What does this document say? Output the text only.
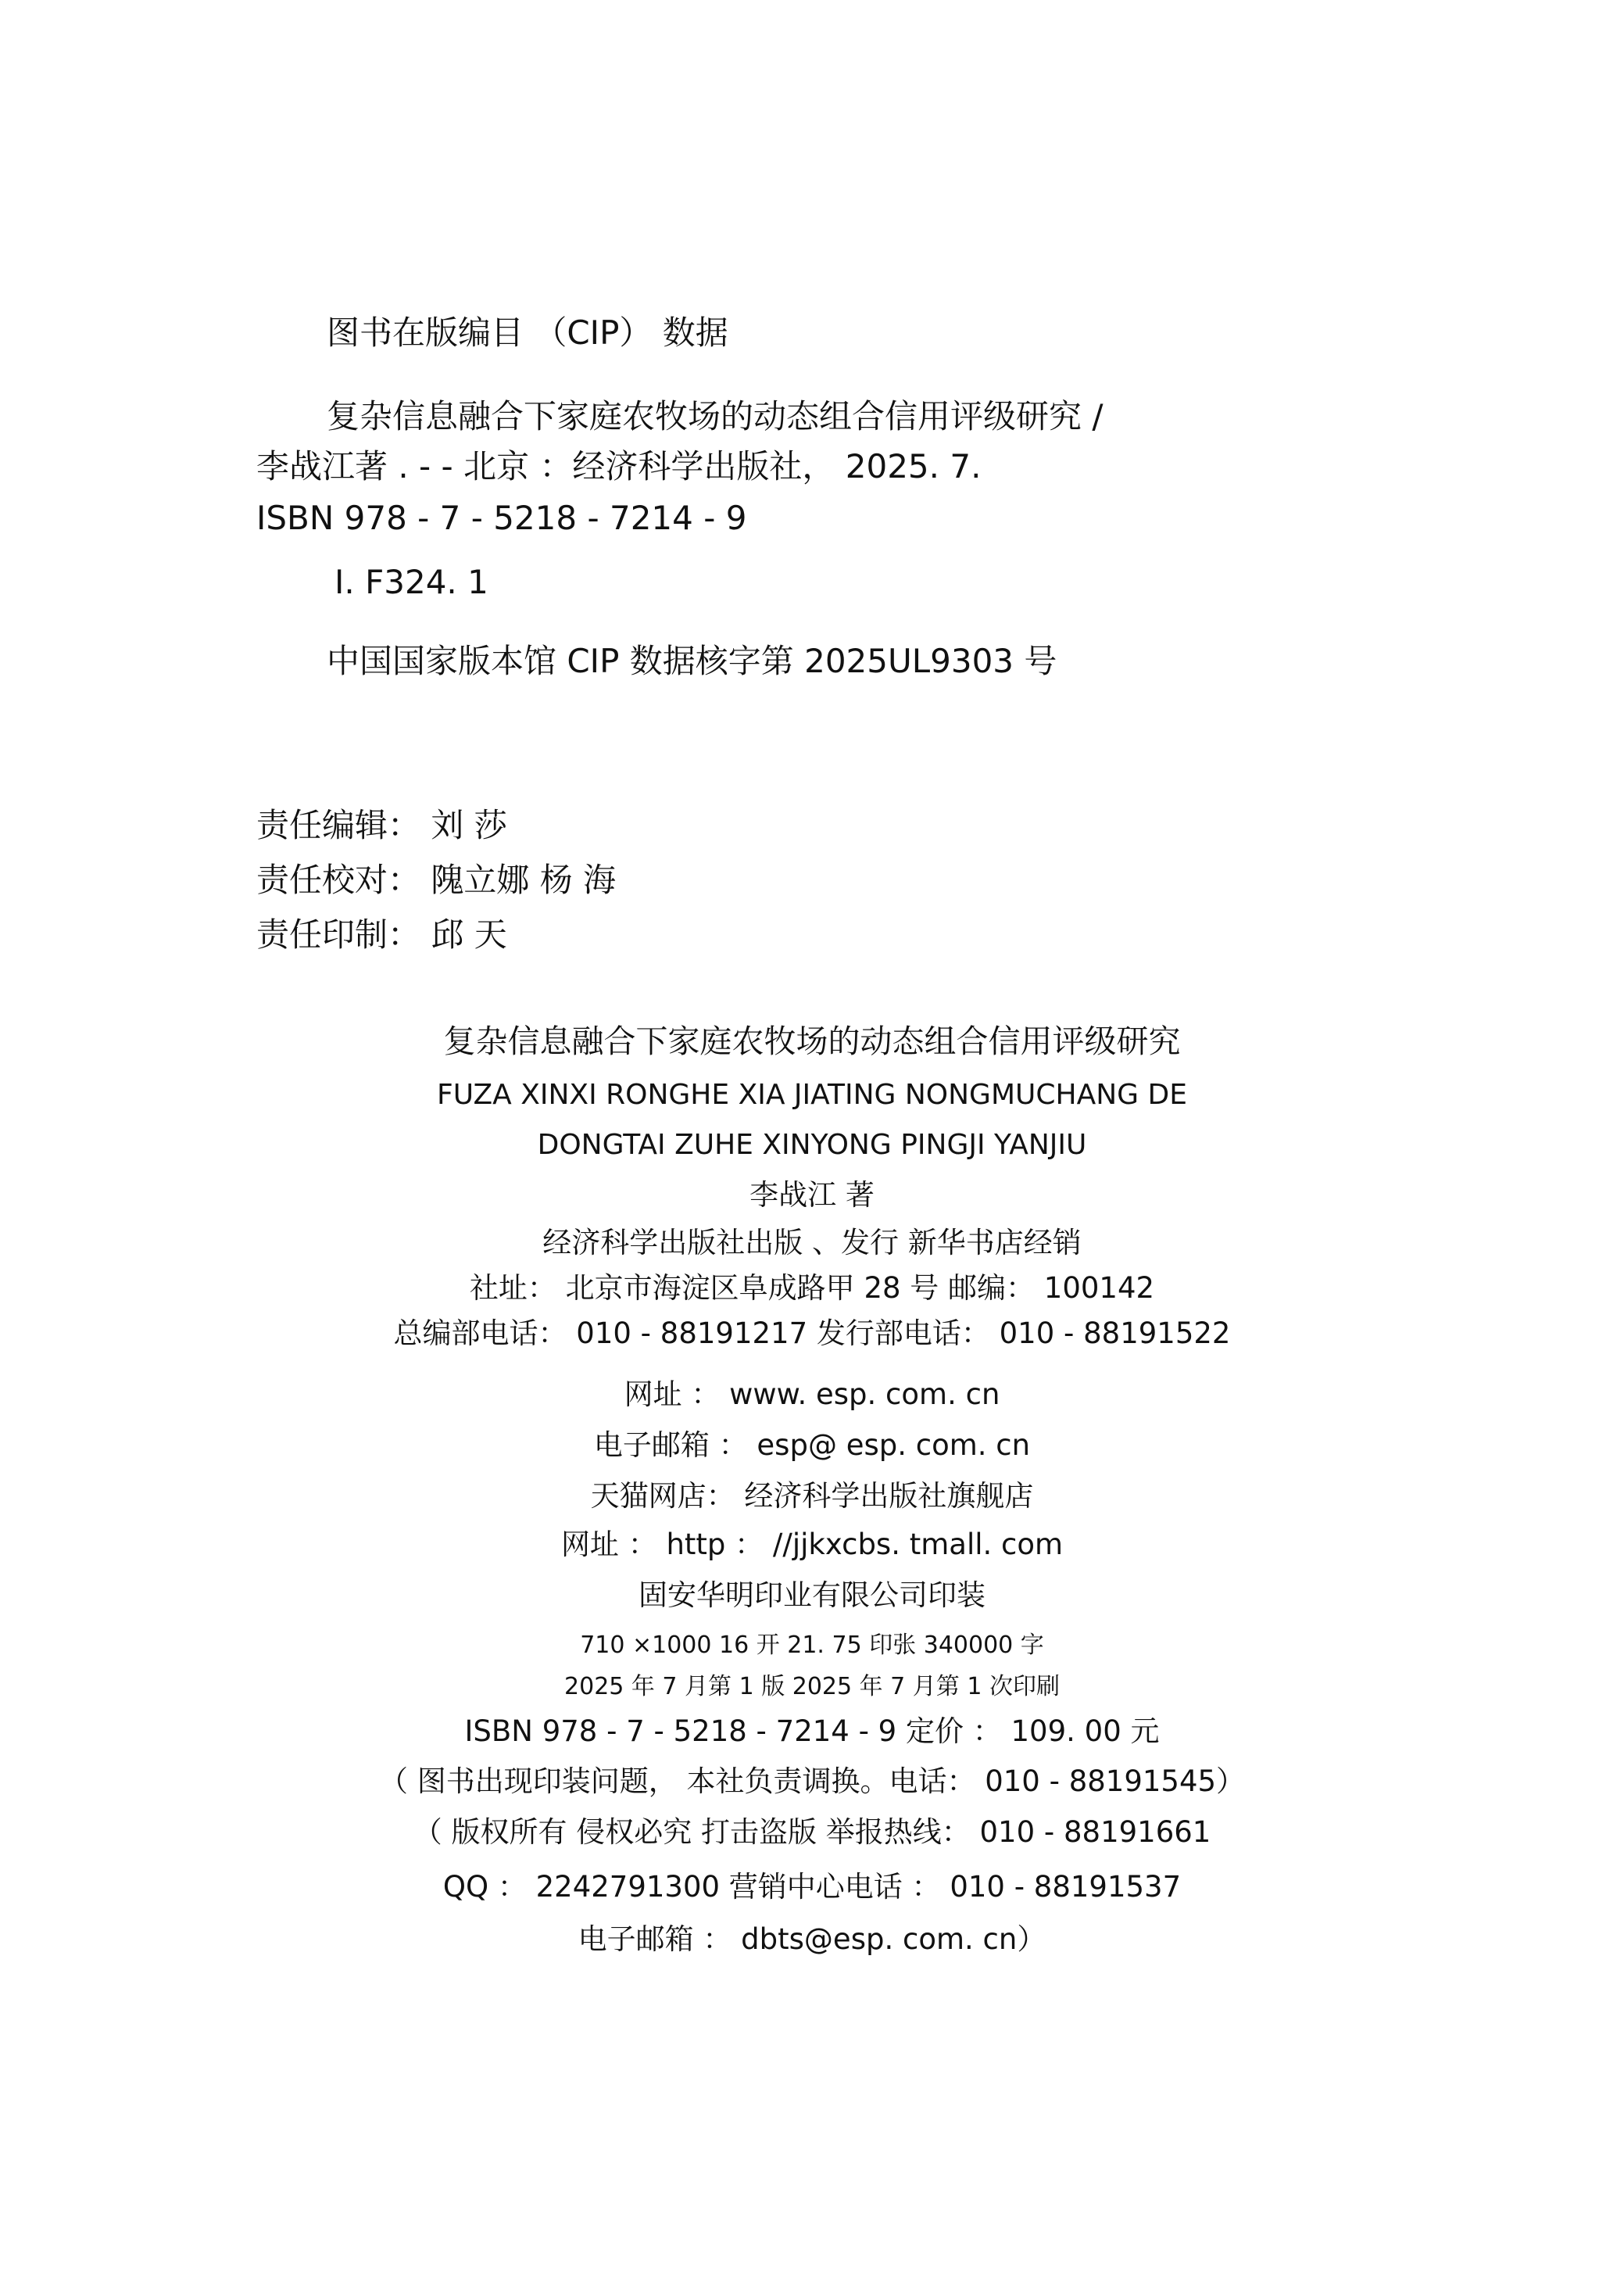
图书在版编目 （CIP） 数据
复杂信息融合下家庭农牧场的动态组合信用评级研究 /
李战江著 . - - 北京 ：经济科学出版社， 2025. 7.
ISBN 978 - 7 - 5218 - 7214 - 9
Ⅰ. F324. 1
中国国家版本馆 CIP 数据核字第 2025UL9303 号
责任编辑： 刘 莎
责任校对： 隗立娜 杨 海
责任印制： 邱 天
复杂信息融合下家庭农牧场的动态组合信用评级研究
FUZA XINXI RONGHE XIA JIATING NONGMUCHANG DE
DONGTAI ZUHE XINYONG PINGJI YANJIU
李战江 著
经济科学出版社出版 、发行 新华书店经销
社址： 北京市海淀区阜成路甲 28 号 邮编： 100142
总编部电话： 010 - 88191217 发行部电话： 010 - 88191522
网址 ： www. esp. com. cn
电子邮箱 ： esp@ esp. com. cn
天猫网店： 经济科学出版社旗舰店
网址 ： http ： //jjkxcbs. tmall. com
固安华明印业有限公司印装
710 ×1000 16 开 21. 75 印张 340000 字
2025 年 7 月第 1 版 2025 年 7 月第 1 次印刷
ISBN 978 - 7 - 5218 - 7214 - 9 定价 ： 109. 00 元
（ 图书出现印装问题， 本社负责调换。电话： 010 - 88191545）
（ 版权所有 侵权必究 打击盗版 举报热线： 010 - 88191661
QQ ： 2242791300 营销中心电话 ： 010 - 88191537
电子邮箱 ： dbts@esp. com. cn）
